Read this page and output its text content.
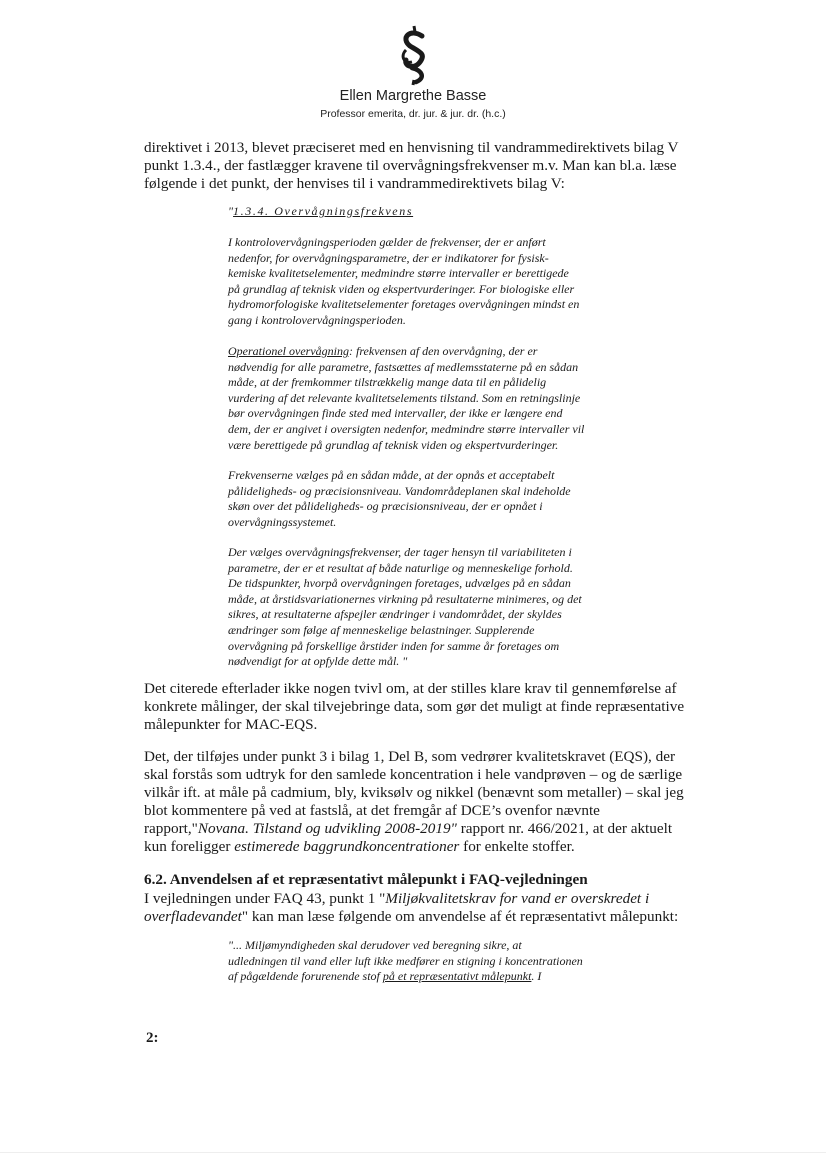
Ellen Margrethe Basse
Professor emerita, dr. jur. & jur. dr. (h.c.)

direktivet i 2013, blevet præciseret med en henvisning til vandrammedirektivets bilag V
punkt 1.3.4., der fastlægger kravene til overvågningsfrekvenser m.v. Man kan bl.a. læse
følgende i det punkt, der henvises til i vandrammedirektivets bilag V:

"1.3.4. Overvågningsfrekvens

I kontrolovervågningsperioden gælder de frekvenser, der er anført
nedenfor, for overvågningsparametre, der er indikatorer for fysisk-
kemiske kvalitetselementer, medmindre større intervaller er berettigede
på grundlag af teknisk viden og ekspertvurderinger. For biologiske eller
hydromorfologiske kvalitetselementer foretages overvågningen mindst en
gang i kontrolovervågningsperioden.

Operationel overvågning: frekvensen af den overvågning, der er
nødvendig for alle parametre, fastsættes af medlemsstaterne på en sådan
måde, at der fremkommer tilstrækkelig mange data til en pålidelig
vurdering af det relevante kvalitetselements tilstand. Som en retningslinje
bør overvågningen finde sted med intervaller, der ikke er længere end
dem, der er angivet i oversigten nedenfor, medmindre større intervaller vil
være berettigede på grundlag af teknisk viden og ekspertvurderinger.

Frekvenserne vælges på en sådan måde, at der opnås et acceptabelt
pålideligheds- og præcisionsniveau. Vandområdeplanen skal indeholde
skøn over det pålideligheds- og præcisionsniveau, der er opnået i
overvågningssystemet.

Der vælges overvågningsfrekvenser, der tager hensyn til variabiliteten i
parametre, der er et resultat af både naturlige og menneskelige forhold.
De tidspunkter, hvorpå overvågningen foretages, udvælges på en sådan
måde, at årstidsvariationernes virkning på resultaterne minimeres, og det
sikres, at resultaterne afspejler ændringer i vandområdet, der skyldes
ændringer som følge af menneskelige belastninger. Supplerende
overvågning på forskellige årstider inden for samme år foretages om
nødvendigt for at opfylde dette mål. "

Det citerede efterlader ikke nogen tvivl om, at der stilles klare krav til gennemførelse af
konkrete målinger, der skal tilvejebringe data, som gør det muligt at finde repræsentative
målepunkter for MAC-EQS.

Det, der tilføjes under punkt 3 i bilag 1, Del B, som vedrører kvalitetskravet (EQS), der
skal forstås som udtryk for den samlede koncentration i hele vandprøven – og de særlige
vilkår ift. at måle på cadmium, bly, kviksølv og nikkel (benævnt som metaller) – skal jeg
blot kommentere på ved at fastslå, at det fremgår af DCE’s ovenfor nævnte
rapport,"Novana. Tilstand og udvikling 2008-2019" rapport nr. 466/2021, at der aktuelt
kun foreligger estimerede baggrundkoncentrationer for enkelte stoffer.

6.2. Anvendelsen af et repræsentativt målepunkt i FAQ-vejledningen

I vejledningen under FAQ 43, punkt 1 "Miljøkvalitetskrav for vand er overskredet i
overfladevandet" kan man læse følgende om anvendelse af ét repræsentativt målepunkt:

"... Miljømyndigheden skal derudover ved beregning sikre, at
udledningen til vand eller luft ikke medfører en stigning i koncentrationen
af pågældende forurenende stof på et repræsentativt målepunkt. I

2:
